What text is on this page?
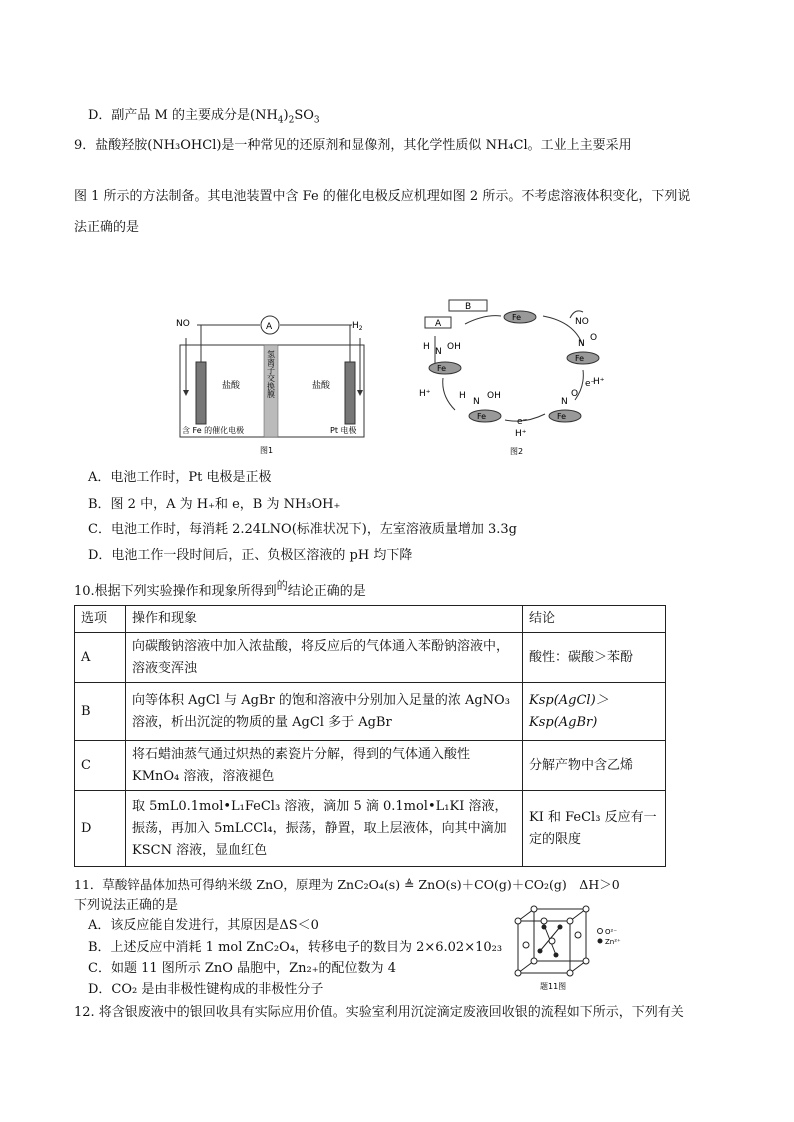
D．副产品 M 的主要成分是$(NH_4)_2SO_3$
9．盐酸羟胺(NH₃OHCl)是一种常见的还原剂和显像剂，其化学性质似 NH₄Cl。工业上主要采用
图 1 所示的方法制备。其电池装置中含 Fe 的催化电极反应机理如图 2 所示。不考虑溶液体积变化，下列说
法正确的是
NO	A	$H_2$
盐酸	盐酸
氢离子交换膜
含 Fe 的催化电极	Pt 电极
图1
Fe
Fe
Fe
Fe
Fe
B
A	NO
N
O
H⁺
e⁻
N
O
e⁻
H⁺
H
N
OH
H⁺
H N OH
图2
A．电池工作时，Pt 电极是正极
B．图 2 中，A 为 H₊和 e，B 为 NH₃OH₊
C．电池工作时，每消耗 2.24LNO(标准状况下)，左室溶液质量增加 3.3g
D．电池工作一段时间后，正、负极区溶液的 pH 均下降
10.根据下列实验操作和现象所得到$^的$结论正确的是
选项	操作和现象	结论
A	向碳酸钠溶液中加入浓盐酸，将反应后的气体通入苯酚钠溶液中，溶液变浑浊	酸性：碳酸＞苯酚
B	向等体积 AgCl 与 AgBr 的饱和溶液中分别加入足量的浓 AgNO₃ 溶液，析出沉淀的物质的量 AgCl 多于 AgBr	Ksp(AgCl)＞Ksp(AgBr)
C	将石蜡油蒸气通过炽热的素瓷片分解，得到的气体通入酸性 KMnO₄ 溶液，溶液褪色	分解产物中含乙烯
D	取 5mL0.1mol•L₁FeCl₃ 溶液，滴加 5 滴 0.1mol•L₁KI 溶液，振荡，再加入 5mLCCl₄，振荡，静置，取上层液体，向其中滴加 KSCN 溶液，显血红色	KI 和 FeCl₃ 反应有一定的限度
11．草酸锌晶体加热可得纳米级 ZnO，原理为 ZnC₂O₄(s) ≜ ZnO(s)＋CO(g)＋CO₂(g)　ΔH＞0
下列说法正确的是
A．该反应能自发进行，其原因是ΔS＜0
B．上述反应中消耗 1 mol ZnC₂O₄，转移电子的数目为 2×6.02×10₂₃
C．如题 11 图所示 ZnO 晶胞中，Zn₂₊的配位数为 4
D．CO₂ 是由非极性键构成的非极性分子
O²⁻
Zn²⁺
题11图
12. 将含银废液中的银回收具有实际应用价值。实验室利用沉淀滴定废液回收银的流程如下所示，下列有关
